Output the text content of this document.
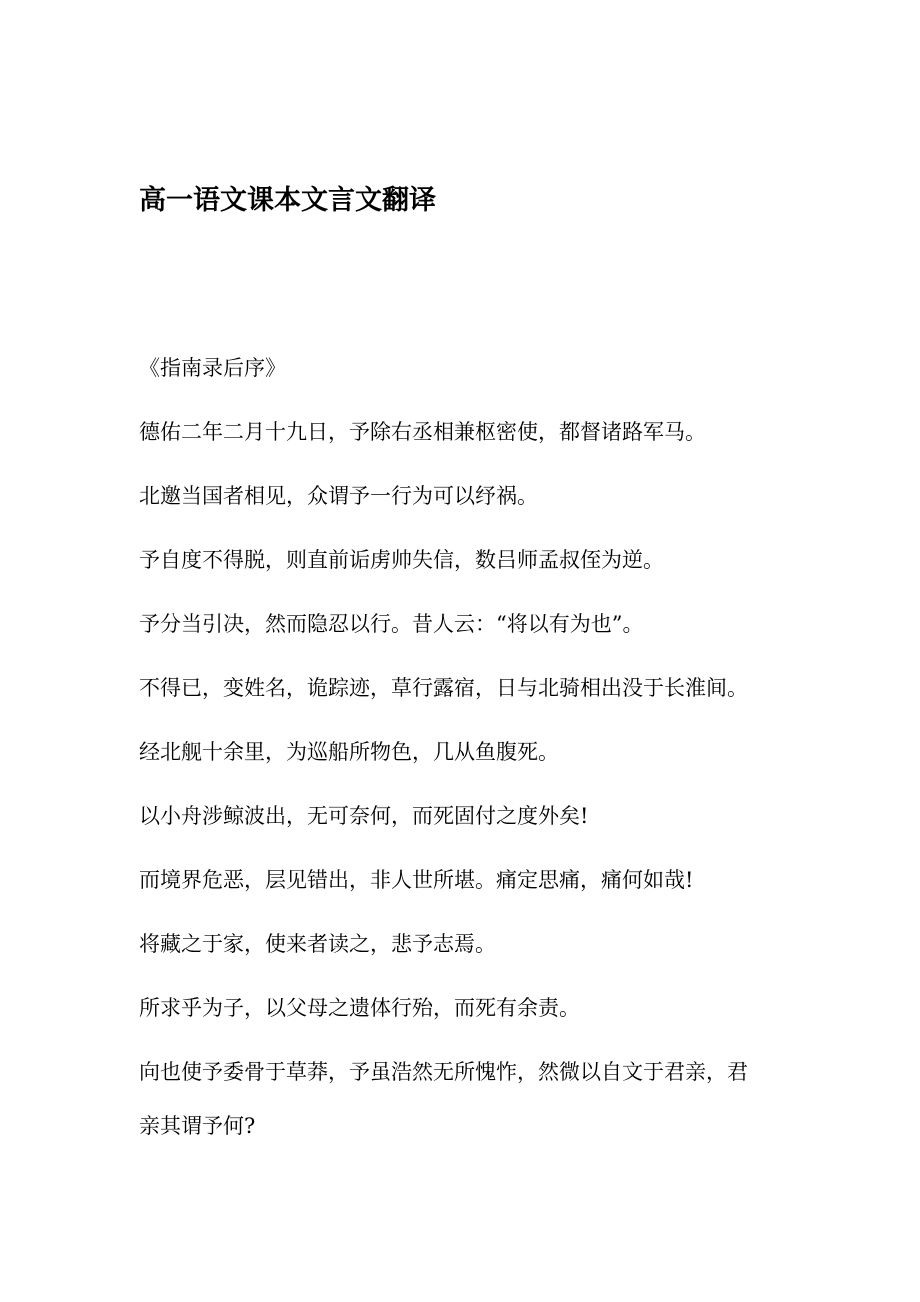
高一语文课本文言文翻译

《指南录后序》

德佑二年二月十九日，予除右丞相兼枢密使，都督诸路军马。

北邀当国者相见，众谓予一行为可以纾祸。

予自度不得脱，则直前诟虏帅失信，数吕师孟叔侄为逆。

予分当引决，然而隐忍以行。昔人云：“将以有为也”。

不得已，变姓名，诡踪迹，草行露宿，日与北骑相出没于长淮间。

经北舰十余里，为巡船所物色，几从鱼腹死。

以小舟涉鲸波出，无可奈何，而死固付之度外矣!

而境界危恶，层见错出，非人世所堪。痛定思痛，痛何如哉!

将藏之于家，使来者读之，悲予志焉。

所求乎为子，以父母之遗体行殆，而死有余责。

向也使予委骨于草莽，予虽浩然无所愧怍，然微以自文于君亲，君
亲其谓予何?
